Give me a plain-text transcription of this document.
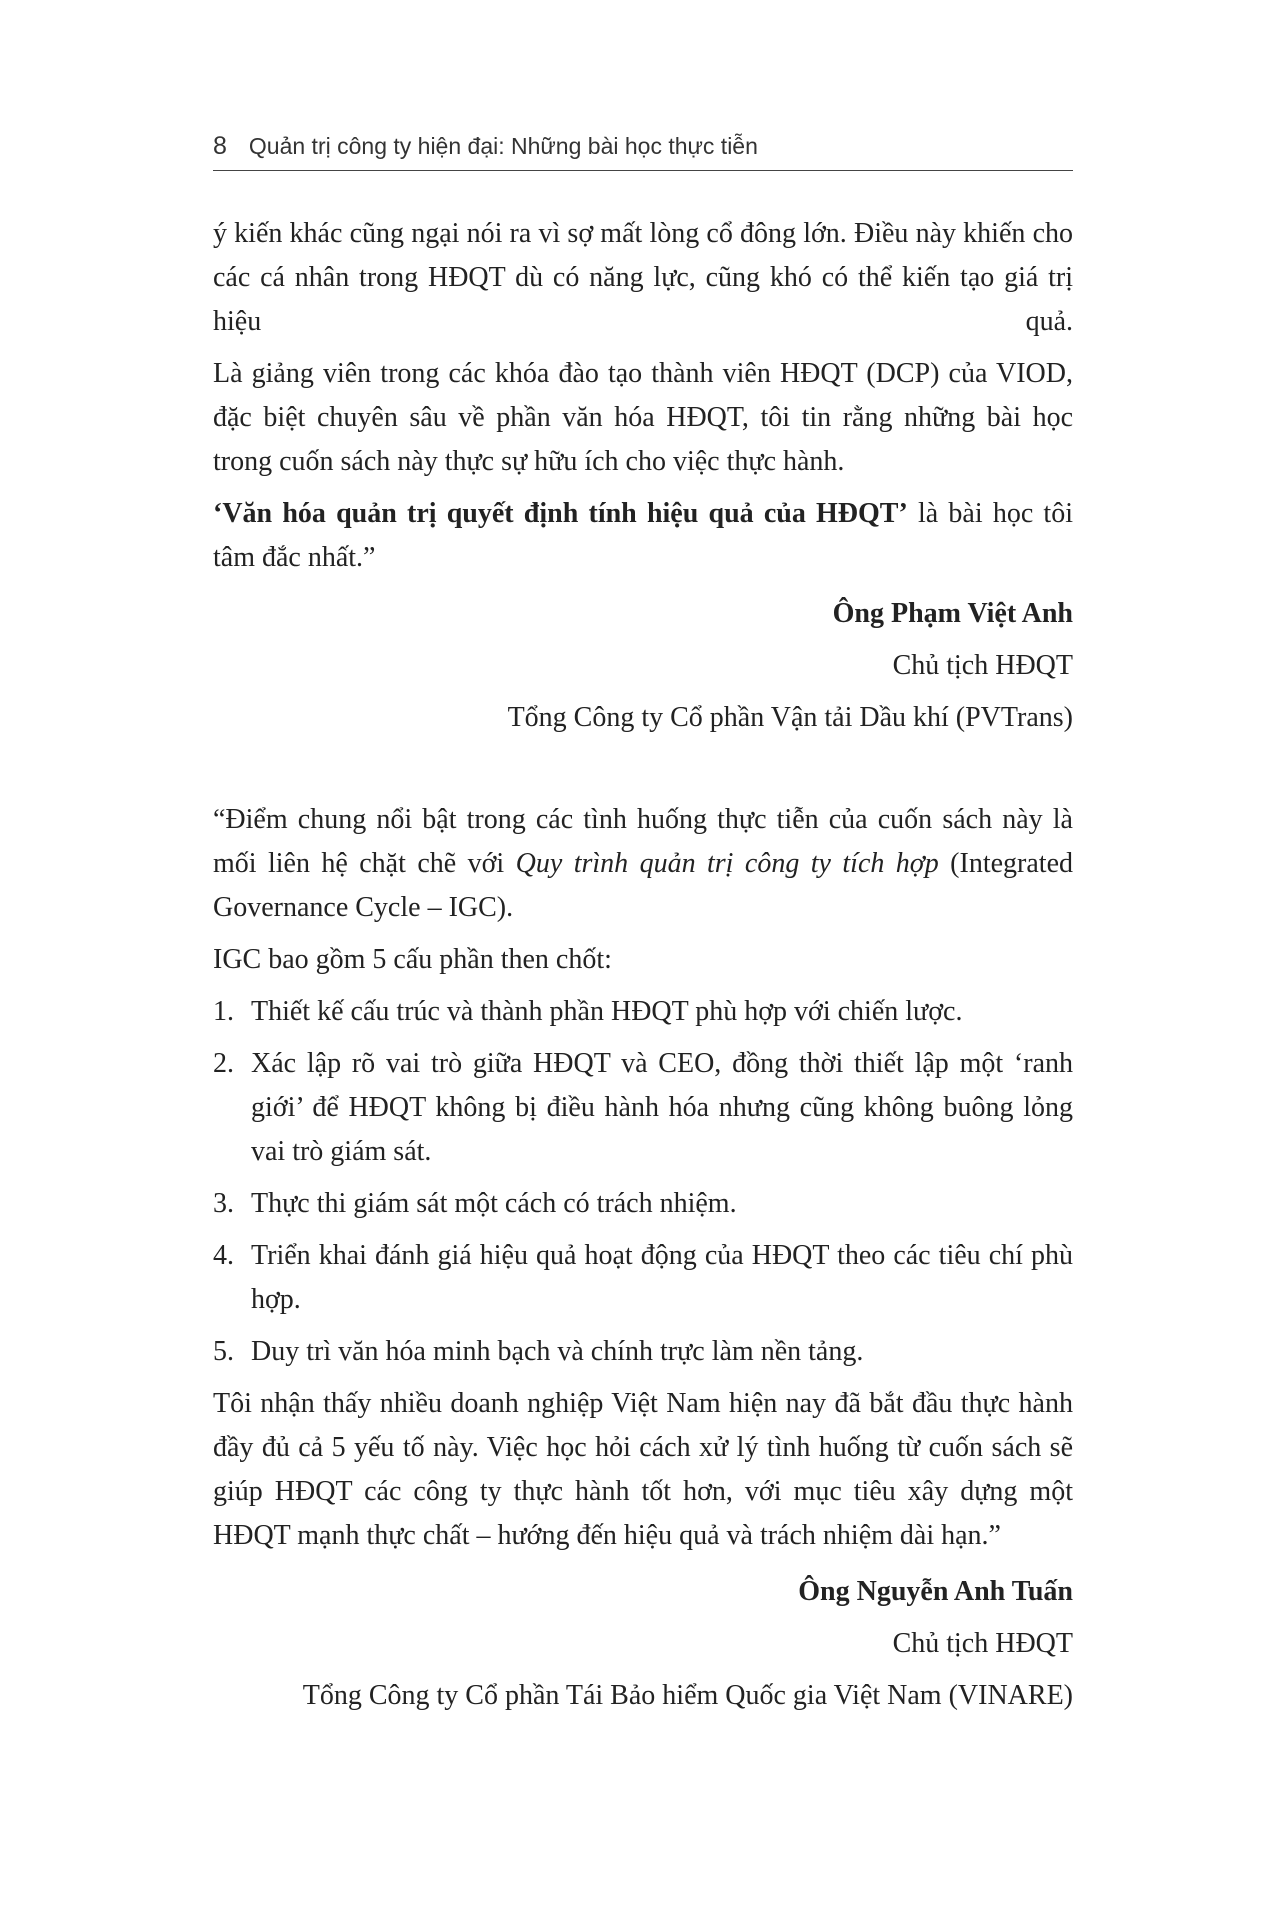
8 Quản trị công ty hiện đại: Những bài học thực tiễn

ý kiến khác cũng ngại nói ra vì sợ mất lòng cổ đông lớn. Điều này khiến cho các cá nhân trong HĐQT dù có năng lực, cũng khó có thể kiến tạo giá trị hiệu quả.

Là giảng viên trong các khóa đào tạo thành viên HĐQT (DCP) của VIOD, đặc biệt chuyên sâu về phần văn hóa HĐQT, tôi tin rằng những bài học trong cuốn sách này thực sự hữu ích cho việc thực hành.

‘Văn hóa quản trị quyết định tính hiệu quả của HĐQT’ là bài học tôi tâm đắc nhất.”

Ông Phạm Việt Anh

Chủ tịch HĐQT

Tổng Công ty Cổ phần Vận tải Dầu khí (PVTrans)

“Điểm chung nổi bật trong các tình huống thực tiễn của cuốn sách này là mối liên hệ chặt chẽ với Quy trình quản trị công ty tích hợp (Integrated Governance Cycle – IGC).

IGC bao gồm 5 cấu phần then chốt:

1. Thiết kế cấu trúc và thành phần HĐQT phù hợp với chiến lược.
2. Xác lập rõ vai trò giữa HĐQT và CEO, đồng thời thiết lập một ‘ranh giới’ để HĐQT không bị điều hành hóa nhưng cũng không buông lỏng vai trò giám sát.
3. Thực thi giám sát một cách có trách nhiệm.
4. Triển khai đánh giá hiệu quả hoạt động của HĐQT theo các tiêu chí phù hợp.
5. Duy trì văn hóa minh bạch và chính trực làm nền tảng.

Tôi nhận thấy nhiều doanh nghiệp Việt Nam hiện nay đã bắt đầu thực hành đầy đủ cả 5 yếu tố này. Việc học hỏi cách xử lý tình huống từ cuốn sách sẽ giúp HĐQT các công ty thực hành tốt hơn, với mục tiêu xây dựng một HĐQT mạnh thực chất – hướng đến hiệu quả và trách nhiệm dài hạn.”

Ông Nguyễn Anh Tuấn

Chủ tịch HĐQT

Tổng Công ty Cổ phần Tái Bảo hiểm Quốc gia Việt Nam (VINARE)
